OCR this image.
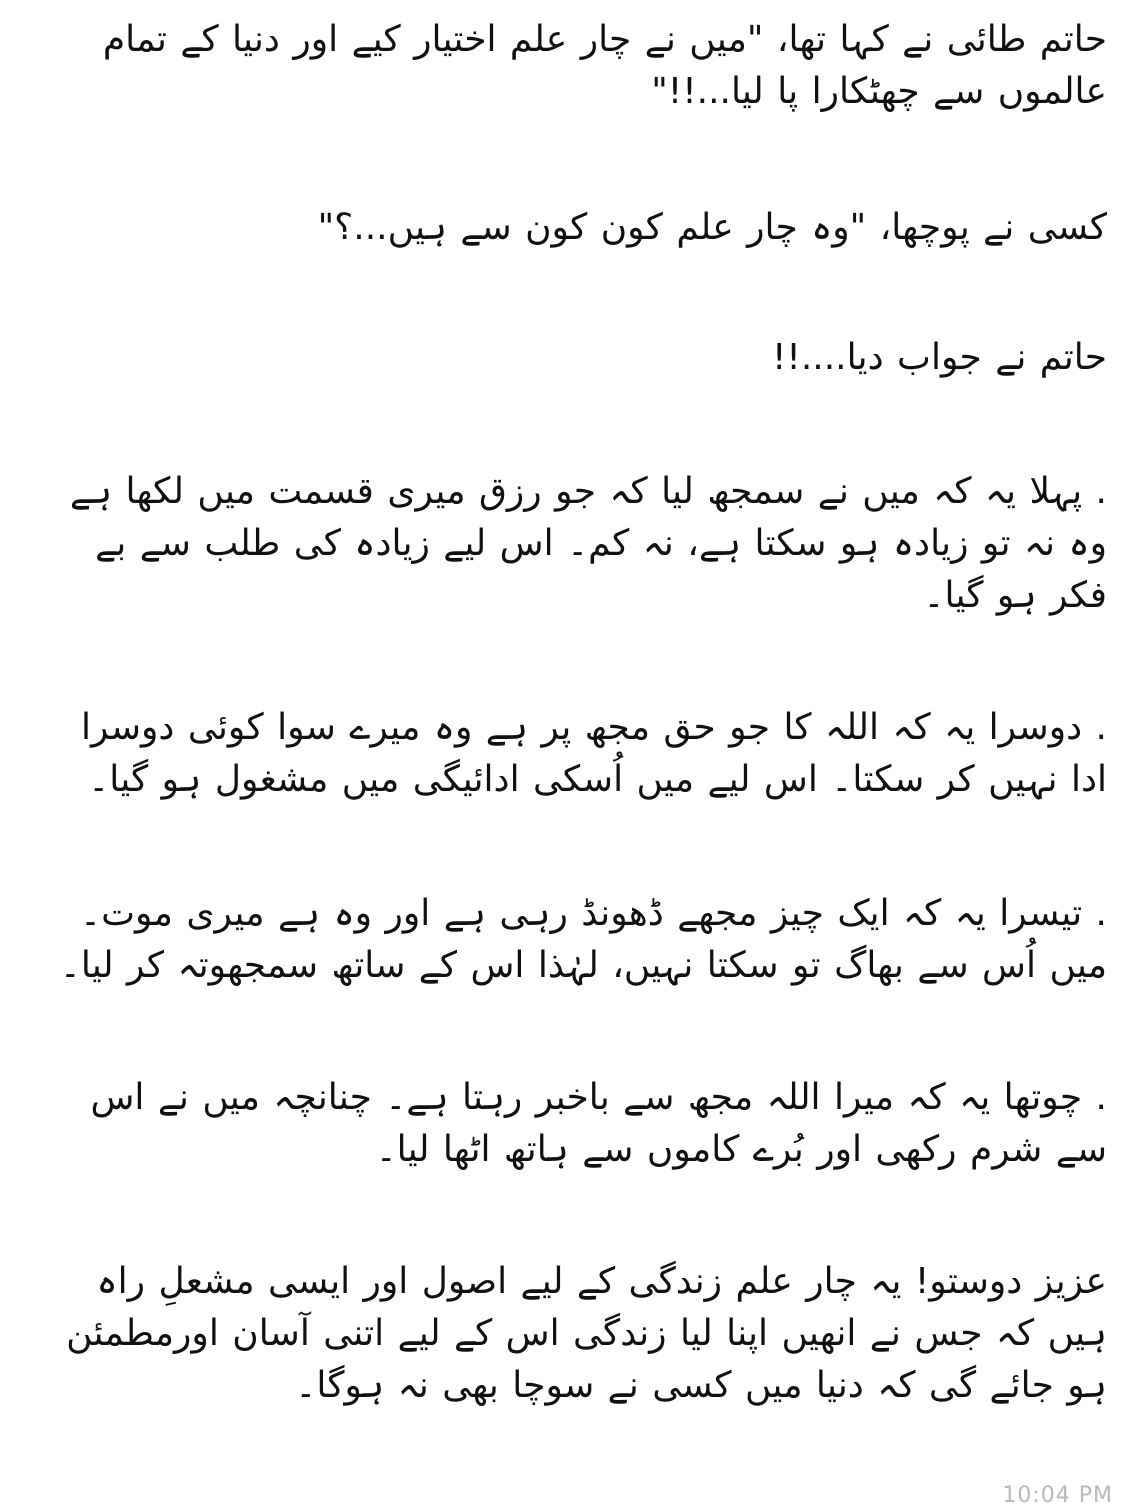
حاتم طائی نے کہا تھا، "میں نے چار علم اختیار کیے اور دنیا کے تمام عالموں سے چھٹکارا پا لیا...!!"

کسی نے پوچھا، "وہ چار علم کون کون سے ہیں...؟"

حاتم نے جواب دیا....!!

. پہلا یہ کہ میں نے سمجھ لیا کہ جو رزق میری قسمت میں لکھا ہے وہ نہ تو زیادہ ہو سکتا ہے، نہ کم۔ اس لیے زیادہ کی طلب سے بے فکر ہو گیا۔

. دوسرا یہ کہ اللہ کا جو حق مجھ پر ہے وہ میرے سوا کوئی دوسرا ادا نہیں کر سکتا۔ اس لیے میں اُسکی ادائیگی میں مشغول ہو گیا۔

. تیسرا یہ کہ ایک چیز مجھے ڈھونڈ رہی ہے اور وہ ہے میری موت۔ میں اُس سے بھاگ تو سکتا نہیں، لہٰذا اس کے ساتھ سمجھوتہ کر لیا۔

. چوتھا یہ کہ میرا اللہ مجھ سے باخبر رہتا ہے۔ چنانچہ میں نے اس سے شرم رکھی اور بُرے کاموں سے ہاتھ اٹھا لیا۔

عزیز دوستو! یہ چار علم زندگی کے لیے اصول اور ایسی مشعلِ راہ ہیں کہ جس نے انھیں اپنا لیا زندگی اس کے لیے اتنی آسان اورمطمئن ہو جائے گی کہ دنیا میں کسی نے سوچا بھی نہ ہوگا۔

10:04 PM
